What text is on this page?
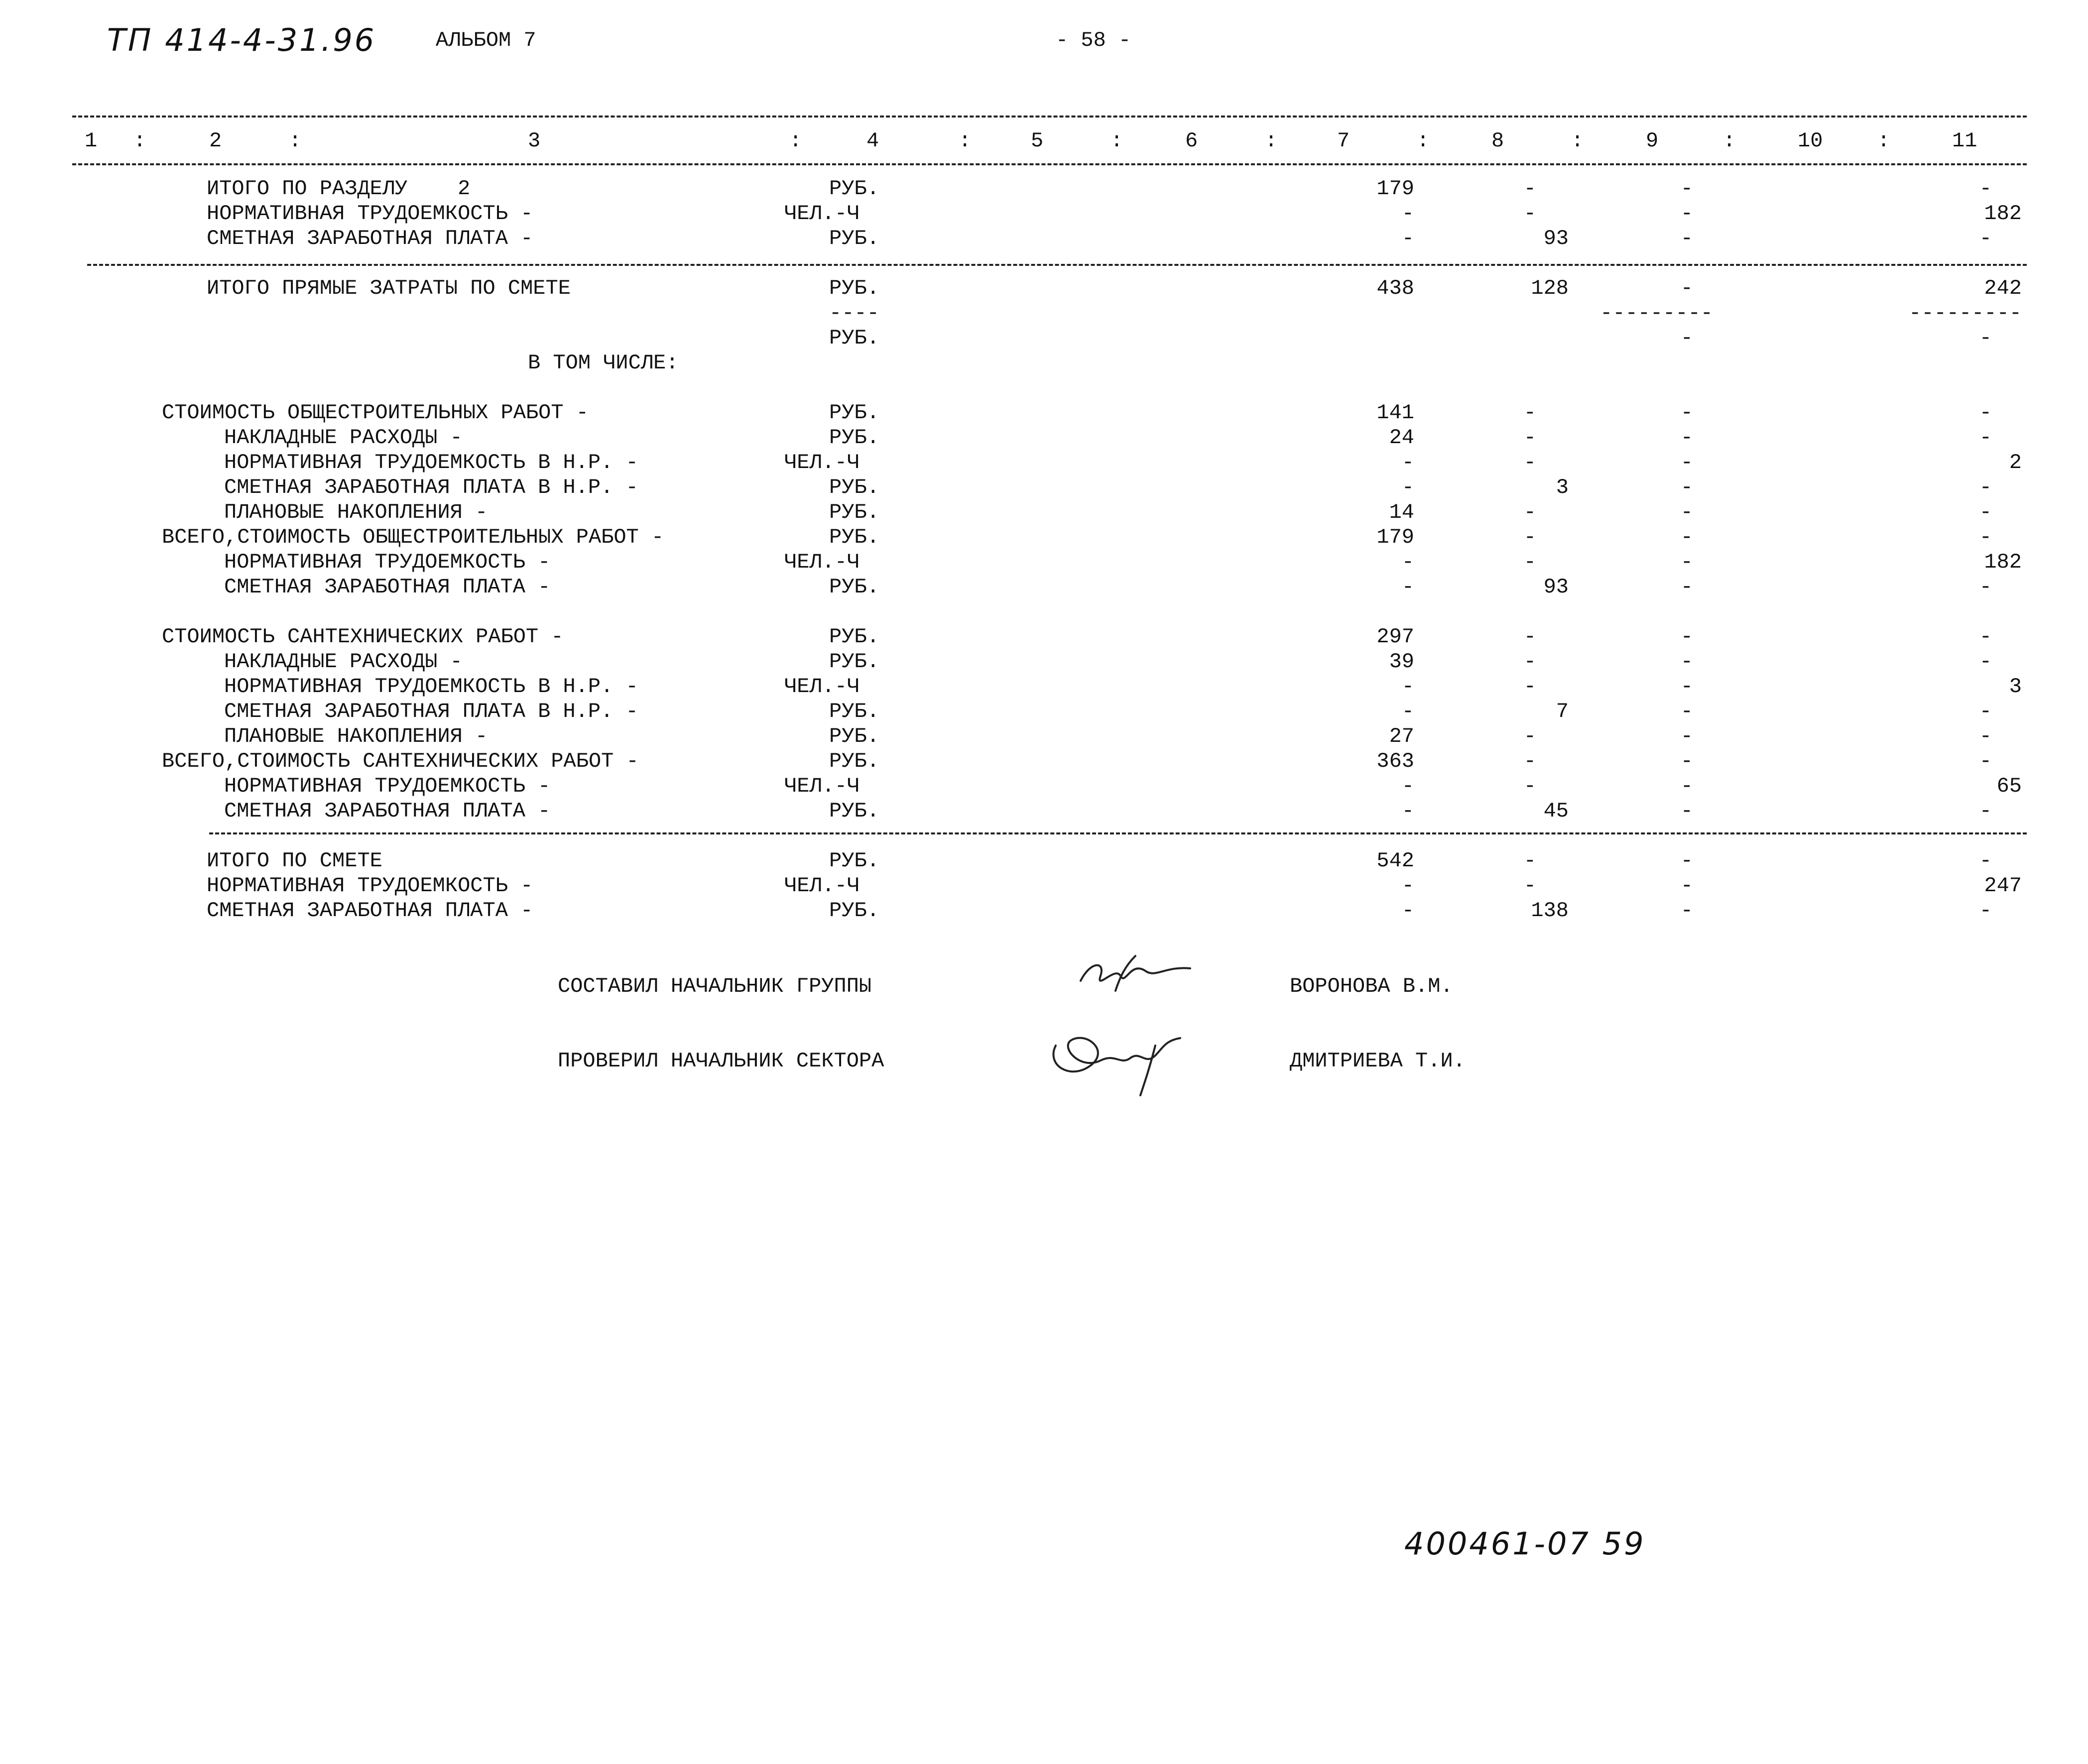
ТП 414-4-31.96	АЛЬБОМ 7	- 58 -
1	2	3	4	5	6	7	8	9	10	11
:	:	:	:	:	:	:	:	:	:
ИТОГО ПО РАЗДЕЛУ    2	РУБ.	179	-	-	-
НОРМАТИВНАЯ ТРУДОЕМКОСТЬ -	ЧЕЛ.-Ч	-	-	-	182
СМЕТНАЯ ЗАРАБОТНАЯ ПЛАТА -	РУБ.	-	93	-	-
ИТОГО ПРЯМЫЕ ЗАТРАТЫ ПО СМЕТЕ	РУБ.	438	128	-	242
----	---------	---------
РУБ.	-	-
В ТОМ ЧИСЛЕ:
СТОИМОСТЬ ОБЩЕСТРОИТЕЛЬНЫХ РАБОТ -	РУБ.	141	-	-	-
НАКЛАДНЫЕ РАСХОДЫ -	РУБ.	24	-	-	-
НОРМАТИВНАЯ ТРУДОЕМКОСТЬ В Н.Р. -	ЧЕЛ.-Ч	-	-	-	2
СМЕТНАЯ ЗАРАБОТНАЯ ПЛАТА В Н.Р. -	РУБ.	-	3	-	-
ПЛАНОВЫЕ НАКОПЛЕНИЯ -	РУБ.	14	-	-	-
ВСЕГО,СТОИМОСТЬ ОБЩЕСТРОИТЕЛЬНЫХ РАБОТ -	РУБ.	179	-	-	-
НОРМАТИВНАЯ ТРУДОЕМКОСТЬ -	ЧЕЛ.-Ч	-	-	-	182
СМЕТНАЯ ЗАРАБОТНАЯ ПЛАТА -	РУБ.	-	93	-	-
СТОИМОСТЬ САНТЕХНИЧЕСКИХ РАБОТ -	РУБ.	297	-	-	-
НАКЛАДНЫЕ РАСХОДЫ -	РУБ.	39	-	-	-
НОРМАТИВНАЯ ТРУДОЕМКОСТЬ В Н.Р. -	ЧЕЛ.-Ч	-	-	-	3
СМЕТНАЯ ЗАРАБОТНАЯ ПЛАТА В Н.Р. -	РУБ.	-	7	-	-
ПЛАНОВЫЕ НАКОПЛЕНИЯ -	РУБ.	27	-	-	-
ВСЕГО,СТОИМОСТЬ САНТЕХНИЧЕСКИХ РАБОТ -	РУБ.	363	-	-	-
НОРМАТИВНАЯ ТРУДОЕМКОСТЬ -	ЧЕЛ.-Ч	-	-	-	65
СМЕТНАЯ ЗАРАБОТНАЯ ПЛАТА -	РУБ.	-	45	-	-
ИТОГО ПО СМЕТЕ	РУБ.	542	-	-	-
НОРМАТИВНАЯ ТРУДОЕМКОСТЬ -	ЧЕЛ.-Ч	-	-	-	247
СМЕТНАЯ ЗАРАБОТНАЯ ПЛАТА -	РУБ.	-	138	-	-
СОСТАВИЛ НАЧАЛЬНИК ГРУППЫ	ВОРОНОВА В.М.
ПРОВЕРИЛ НАЧАЛЬНИК СЕКТОРА	ДМИТРИЕВА Т.И.
400461-07 59
